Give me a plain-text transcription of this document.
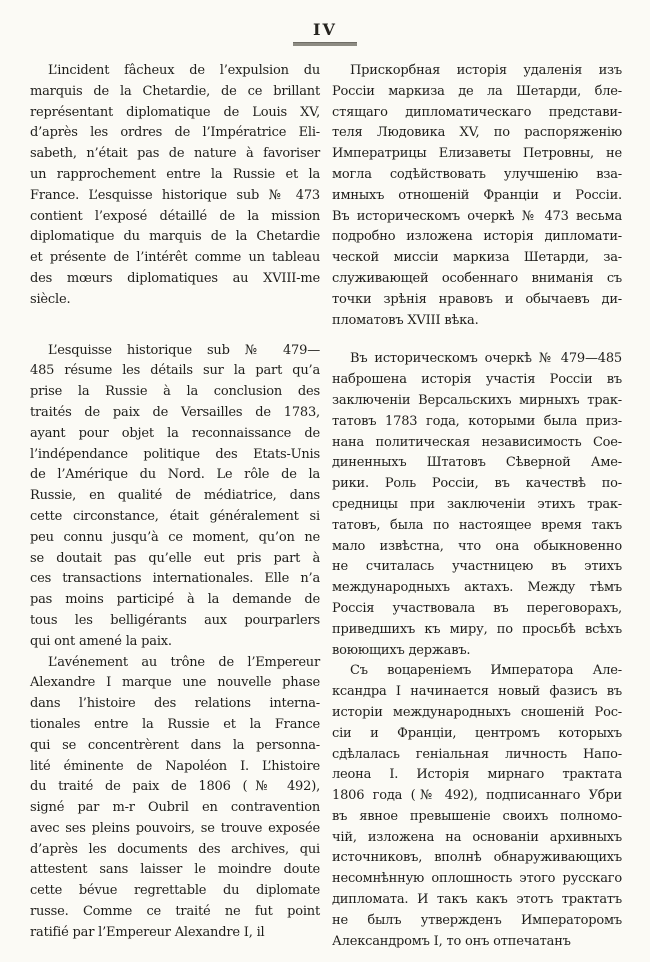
IV
L’incident fâcheux de l’expulsion du
marquis de la Chetardie, de ce brillant
représentant diplomatique de Louis XV,
d’après les ordres de l’Impératrice Eli-
sabeth, n’était pas de nature à favoriser
un rapprochement entre la Russie et la
France. L’esquisse historique sub № 473
contient l’exposé détaillé de la mission
diplomatique du marquis de la Chetardie
et présente de l’intérêt comme un tableau
des mœurs diplomatiques au XVIII-me
siècle.
L’esquisse historique sub № 479—
485 résume les détails sur la part qu’a
prise la Russie à la conclusion des
traités de paix de Versailles de 1783,
ayant pour objet la reconnaissance de
l’indépendance politique des Etats-Unis
de l’Amérique du Nord. Le rôle de la
Russie, en qualité de médiatrice, dans
cette circonstance, était généralement si
peu connu jusqu’à ce moment, qu’on ne
se doutait pas qu’elle eut pris part à
ces transactions internationales. Elle n’a
pas moins participé à la demande de
tous les belligérants aux pourparlers
qui ont amené la paix.
L’avénement au trône de l’Empereur
Alexandre I marque une nouvelle phase
dans l’histoire des relations interna-
tionales entre la Russie et la France
qui se concentrèrent dans la personna-
lité éminente de Napoléon I. L’histoire
du traité de paix de 1806 (№ 492),
signé par m-r Oubril en contravention
avec ses pleins pouvoirs, se trouve exposée
d’après les documents des archives, qui
attestent sans laisser le moindre doute
cette bévue regrettable du diplomate
russe. Comme ce traité ne fut point
ratifié par l’Empereur Alexandre I, il
Прискорбная исторія удаленія изъ
Россіи маркиза де ла Шетарди, бле-
стящаго дипломатическаго представи-
теля Людовика XV, по распоряженію
Императрицы Елизаветы Петровны, не
могла содѣйствовать улучшенію вза-
имныхъ отношеній Франціи и Россіи.
Въ историческомъ очеркѣ № 473 весьма
подробно изложена исторія дипломати-
ческой миссіи маркиза Шетарди, за-
служивающей особеннаго вниманія съ
точки зрѣнія нравовъ и обычаевъ ди-
пломатовъ XVIII вѣка.
Въ историческомъ очеркѣ № 479—485
наброшена исторія участія Россіи въ
заключеніи Версальскихъ мирныхъ трак-
татовъ 1783 года, которыми была приз-
нана политическая независимость Сое-
диненныхъ Штатовъ Сѣверной Аме-
рики. Роль Россіи, въ качествѣ по-
средницы при заключеніи этихъ трак-
татовъ, была по настоящее время такъ
мало извѣстна, что она обыкновенно
не считалась участницею въ этихъ
международныхъ актахъ. Между тѣмъ
Россія участвовала въ переговорахъ,
приведшихъ къ миру, по просьбѣ всѣхъ
воюющихъ державъ.
Съ воцареніемъ Императора Але-
ксандра I начинается новый фазисъ въ
исторіи международныхъ сношеній Рос-
сіи и Франціи, центромъ которыхъ
сдѣлалась геніальная личность Напо-
леона I. Исторія мирнаго трактата
1806 года (№ 492), подписаннаго Убри
въ явное превышеніе своихъ полномо-
чій, изложена на основаніи архивныхъ
источниковъ, вполнѣ обнаруживающихъ
несомнѣнную оплошность этого русскаго
дипломата. И такъ какъ этотъ трактатъ
не былъ утвержденъ Императоромъ
Александромъ I, то онъ отпечатанъ
